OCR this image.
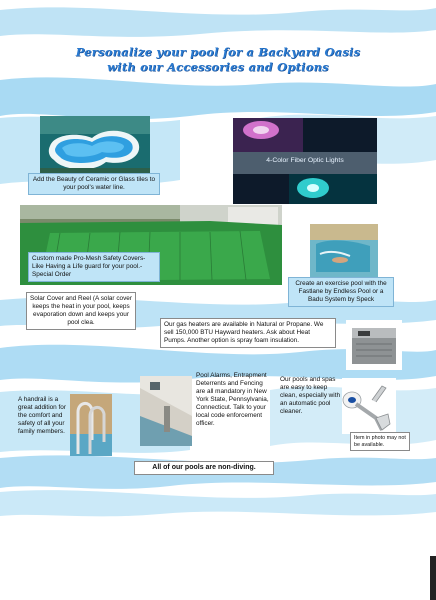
Personalize your pool for a Backyard Oasis
with our Accessories and Options
Add the Beauty of Ceramic or Glass tiles to your pool's water line.
4-Color Fiber Optic Lights
Custom made Pro-Mesh Safety Covers-Like Having a Life guard for your pool.-Special Order
Create an exercise pool with the Fastlane by Endless Pool or a Badu System by Speck
Solar Cover and Reel (A solar cover keeps the heat in your pool, keeps evaporation down and keeps your pool clea.	Our gas heaters are available in Natural or Propane. We sell 150,000 BTU Hayward heaters. Ask about Heat Pumps. Another option is spray foam insulation.
A handrail is a great addition for the comfort and safety of all your family members.
Pool Alarms, Entrapment Deterrents and Fencing are all mandatory in New York State, Pennsylvania, Connecticut. Talk to your local code enforcement officer.
Our pools and spas are easy to keep clean, especially with an automatic pool cleaner.
Item in photo may not be available.
All of our pools are non-diving.
